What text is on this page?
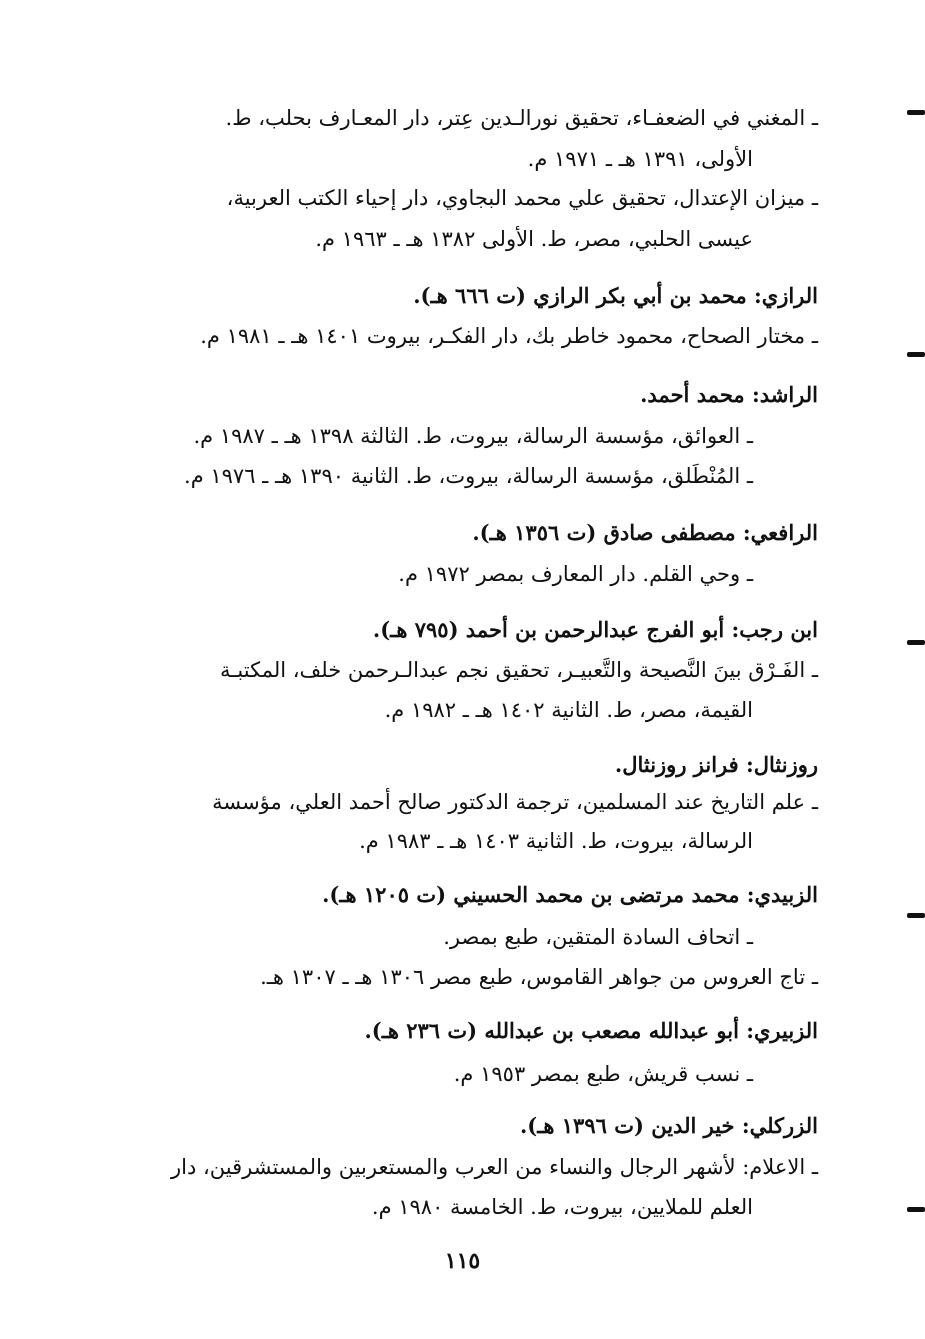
ـ المغني في الضعفـاء، تحقيق نورالـدين عِتر، دار المعـارف بحلب، ط.
الأولى، ١٣٩١ هـ ـ ١٩٧١ م.
ـ ميزان الإعتدال، تحقيق علي محمد البجاوي، دار إحياء الكتب العربية،
عيسى الحلبي، مصر، ط. الأولى ١٣٨٢ هـ ـ ١٩٦٣ م.
الرازي: محمد بن أبي بكر الرازي (ت ٦٦٦ هـ).
ـ مختار الصحاح، محمود خاطر بك، دار الفكـر، بيروت ١٤٠١ هـ ـ ١٩٨١ م.
الراشد: محمد أحمد.
ـ العوائق، مؤسسة الرسالة، بيروت، ط. الثالثة ١٣٩٨ هـ ـ ١٩٨٧ م.
ـ المُنْطَلق، مؤسسة الرسالة، بيروت، ط. الثانية ١٣٩٠ هـ ـ ١٩٧٦ م.
الرافعي: مصطفى صادق (ت ١٣٥٦ هـ).
ـ وحي القلم. دار المعارف بمصر ١٩٧٢ م.
ابن رجب: أبو الفرج عبدالرحمن بن أحمد (٧٩٥ هـ).
ـ الفَـرْق بينَ النَّصيحة والتَّعبيـر، تحقيق نجم عبدالـرحمن خلف، المكتبـة
القيمة، مصر، ط. الثانية ١٤٠٢ هـ ـ ١٩٨٢ م.
روزنثال: فرانز روزنثال.
ـ علم التاريخ عند المسلمين، ترجمة الدكتور صالح أحمد العلي، مؤسسة
الرسالة، بيروت، ط. الثانية ١٤٠٣ هـ ـ ١٩٨٣ م.
الزبيدي: محمد مرتضى بن محمد الحسيني (ت ١٢٠٥ هـ).
ـ اتحاف السادة المتقين، طبع بمصر.
ـ تاج العروس من جواهر القاموس، طبع مصر ١٣٠٦ هـ ـ ١٣٠٧ هـ.
الزبيري: أبو عبدالله مصعب بن عبدالله (ت ٢٣٦ هـ).
ـ نسب قريش، طبع بمصر ١٩٥٣ م.
الزركلي: خير الدين (ت ١٣٩٦ هـ).
ـ الاعلام: لأشهر الرجال والنساء من العرب والمستعربين والمستشرقين، دار
العلم للملايين، بيروت، ط. الخامسة ١٩٨٠ م.
١١٥
